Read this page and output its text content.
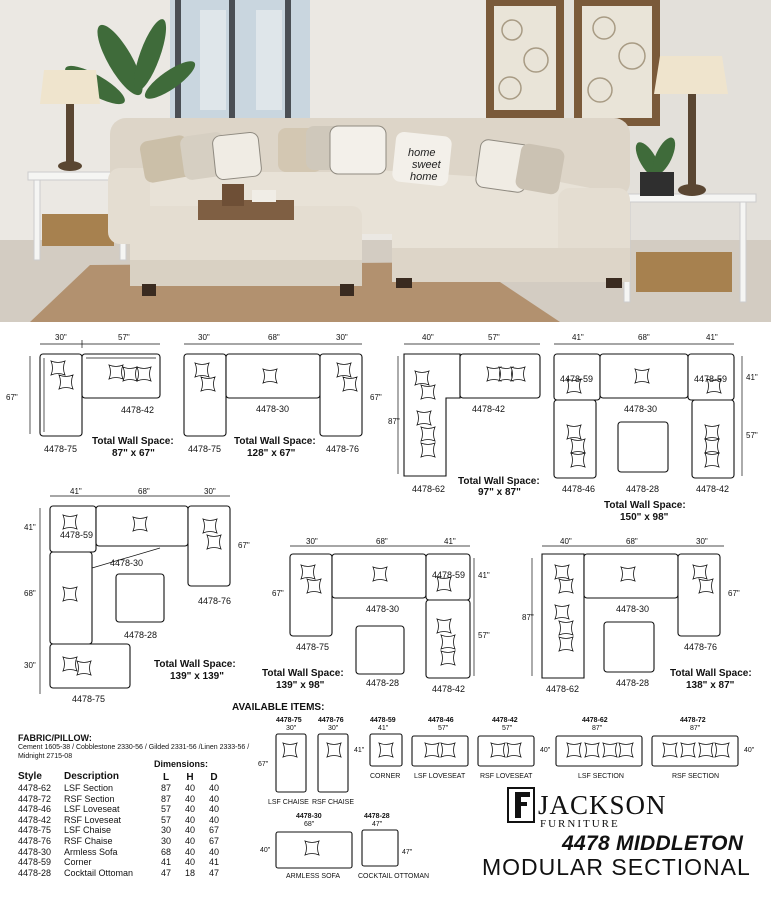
home
sweet
home
30"	57"
67"
4478-42
4478-75
Total Wall Space:
87" x 67"
30"	68"	30"
4478-30
4478-75	4478-76
Total Wall Space:
128" x 67"
40"	57"
67"
87"
4478-42
4478-62
Total Wall Space:
97" x 87"
41"	68"	41"
41"
57"
4478-59
4478-30
4478-59
4478-46	4478-28	4478-42
Total Wall Space:
150" x 98"
41"	68"	30"
41"
67"
68"
30"
4478-59
4478-30
4478-76
4478-28
4478-75
Total Wall Space:
139" x 139"
30"	68"	41"
67"
41"
57"
4478-59
4478-75
4478-30
4478-28
4478-42
Total Wall Space:
139" x 98"
40"	68"	30"
87"
67"
4478-30
4478-76
4478-62
4478-28
Total Wall Space:
138" x 87"
AVAILABLE ITEMS:
4478-75
30"
67"
LSF CHAISE
4478-76
30"
RSF CHAISE
4478-59
41"
41"
CORNER
4478-46
57"
LSF LOVESEAT
4478-42
57"
40"
RSF LOVESEAT
4478-62
87"
LSF SECTION
4478-72
87"
40"
RSF SECTION
4478-30
68"
40"
ARMLESS SOFA
4478-28
47"
47"
COCKTAIL OTTOMAN
FABRIC/PILLOW:
Cement 1605-38 / Cobblestone 2330-56 / Gilded 2331-56 /Linen 2333-56 / Midnight 2715-08
Dimensions:
Style	Description	L	H	D
4478-62	LSF Section	87	40	40
4478-72	RSF Section	87	40	40
4478-46	LSF Loveseat	57	40	40
4478-42	RSF Loveseat	57	40	40
4478-75	LSF Chaise	30	40	67
4478-76	RSF Chaise	30	40	67
4478-30	Armless Sofa	68	40	40
4478-59	Corner	41	40	41
4478-28	Cocktail Ottoman	47	18	47
JACKSON
FURNITURE
4478 MIDDLETON
MODULAR SECTIONAL
